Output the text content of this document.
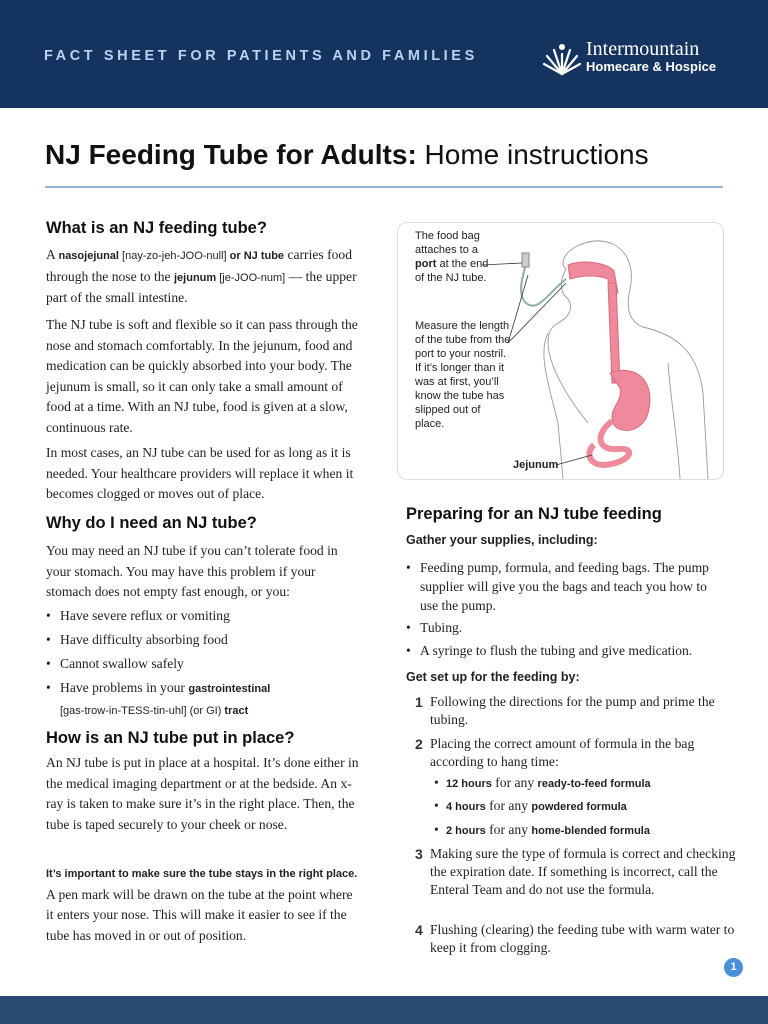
FACT SHEET FOR PATIENTS AND FAMILIES	Intermountain
Homecare & Hospice
NJ Feeding Tube for Adults: Home instructions
What is an NJ feeding tube?
A nasojejunal [nay-zo-jeh-JOO-null] or NJ tube carries food through the nose to the jejunum [je-JOO-num] — the upper part of the small intestine.
The NJ tube is soft and flexible so it can pass through the nose and stomach comfortably. In the jejunum, food and medication can be quickly absorbed into your body. The jejunum is small, so it can only take a small amount of food at a time. With an NJ tube, food is given at a slow, continuous rate.
In most cases, an NJ tube can be used for as long as it is needed. Your healthcare providers will replace it when it becomes clogged or moves out of place.
Why do I need an NJ tube?
You may need an NJ tube if you can’t tolerate food in your stomach. You may have this problem if your stomach does not empty fast enough, or you:
• Have severe reflux or vomiting
• Have difficulty absorbing food
• Cannot swallow safely
• Have problems in your gastrointestinal
[gas-trow-in-TESS-tin-uhl] (or GI) tract
How is an NJ tube put in place?
An NJ tube is put in place at a hospital. It’s done either in the medical imaging department or at the bedside. An x-ray is taken to make sure it’s in the right place. Then, the tube is taped securely to your cheek or nose.
It’s important to make sure the tube stays in the right place. A pen mark will be drawn on the tube at the point where it enters your nose. This will make it easier to see if the tube has moved in or out of position.
The food bag attaches to a port at the end of the NJ tube.
Measure the length of the tube from the port to your nostril. If it’s longer than it was at first, you’ll know the tube has slipped out of place.
Jejunum
Preparing for an NJ tube feeding
Gather your supplies, including:
• Feeding pump, formula, and feeding bags. The pump supplier will give you the bags and teach you how to use the pump.
• Tubing.
• A syringe to flush the tubing and give medication.
Get set up for the feeding by:
1 Following the directions for the pump and prime the tubing.
2 Placing the correct amount of formula in the bag according to hang time:
• 12 hours for any ready-to-feed formula
• 4 hours for any powdered formula
• 2 hours for any home-blended formula
3 Making sure the type of formula is correct and checking the expiration date. If something is incorrect, call the Enteral Team and do not use the formula.
4 Flushing (clearing) the feeding tube with warm water to keep it from clogging.
1
